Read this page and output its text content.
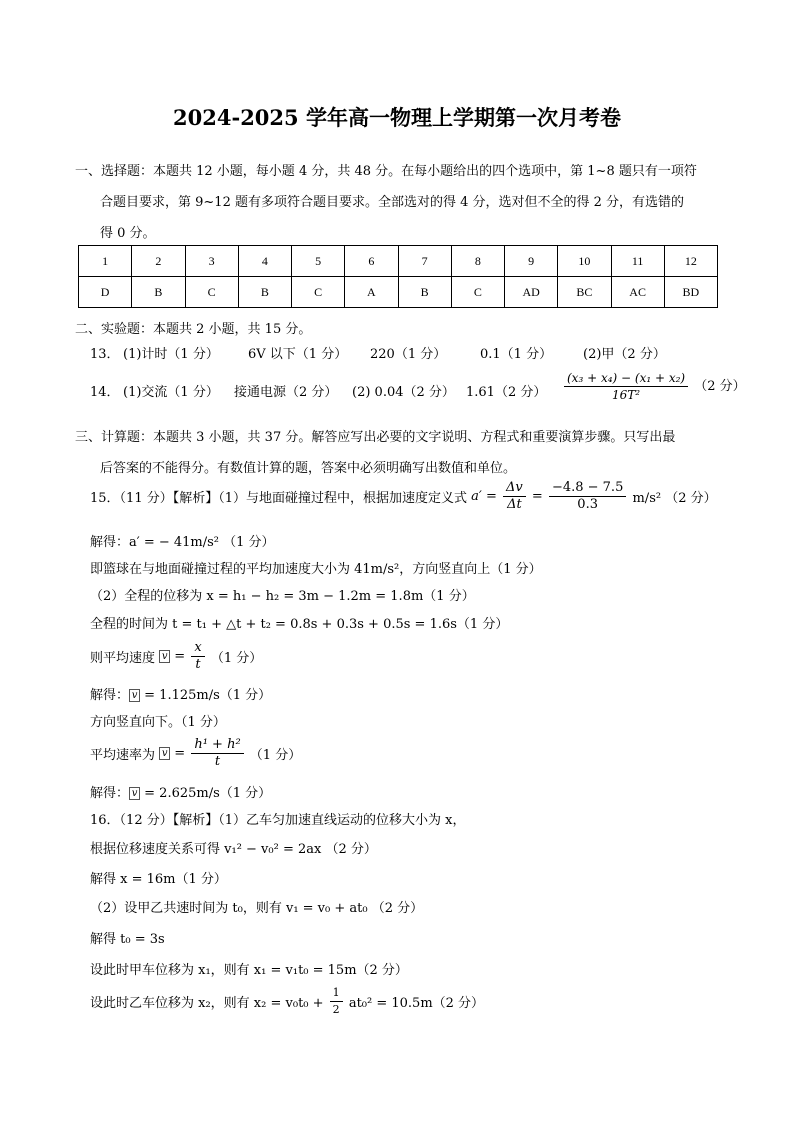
2024-2025 学年高一物理上学期第一次月考卷
一、选择题：本题共 12 小题，每小题 4 分，共 48 分。在每小题给出的四个选项中，第 1~8 题只有一项符
合题目要求，第 9~12 题有多项符合题目要求。全部选对的得 4 分，选对但不全的得 2 分，有选错的
得 0 分。
1	2	3	4	5	6	7	8	9	10	11	12
D	B	C	B	C	A	B	C	AD	BC	AC	BD
二、实验题：本题共 2 小题，共 15 分。
13． (1)计时（1 分） 6V 以下（1 分） 220（1 分）	0.1（1 分） (2)甲（2 分）
14． (1)交流（1 分） 接通电源（2 分） (2) 0.04（2 分） 1.61（2 分） $\frac{\text{(x₃ + x₄) − (x₁ + x₂)}}{\text{16T²}} (2$ 分）
三、计算题：本题共 3 小题，共 37 分。解答应写出必要的文字说明、方程式和重要演算步骤。只写出最
后答案的不能得分。有数值计算的题，答案中必须明确写出数值和单位。
15．（11 分）【解析】（1）与地面碰撞过程中，根据加速度定义式 $a' = \frac{\Delta v}{\Delta t} = \frac{-4.8 - 7.5}{0.3} m/s^2$ （2 分）
解得：a′ = − 41m/s² （1 分）
即篮球在与地面碰撞过程的平均加速度大小为 41m/s²，方向竖直向上（1 分）
（2）全程的位移为 x = h₁ − h₂ = 3m − 1.2m = 1.8m（1 分）
全程的时间为 t = t₁ + △t + t₂ = 0.8s + 0.3s + 0.5s = 1.6s（1 分）
则平均速度 $v = \frac{x}{t} (1$ 分）
解得： v = 1.125m/s（1 分）
方向竖直向下。（1 分）
平均速率为 $v = \frac{\text{h¹ + h²}}{t} (1$ 分）
解得： v = 2.625m/s（1 分）
16．（12 分）【解析】（1）乙车匀加速直线运动的位移大小为 x，
根据位移速度关系可得 v₁² − v₀² = 2ax （2 分）
解得 x = 16m（1 分）
（2）设甲乙共速时间为 t₀，则有 v₁ = v₀ + at₀ （2 分）
解得 t₀ = 3s
设此时甲车位移为 x₁，则有 x₁ = v₁t₀ = 15m（2 分）
设此时乙车位移为 x₂，则有 $x_2 = v_0t_0 + \frac{1}{2} at_0^2 = 10.5m(2$ 分）
